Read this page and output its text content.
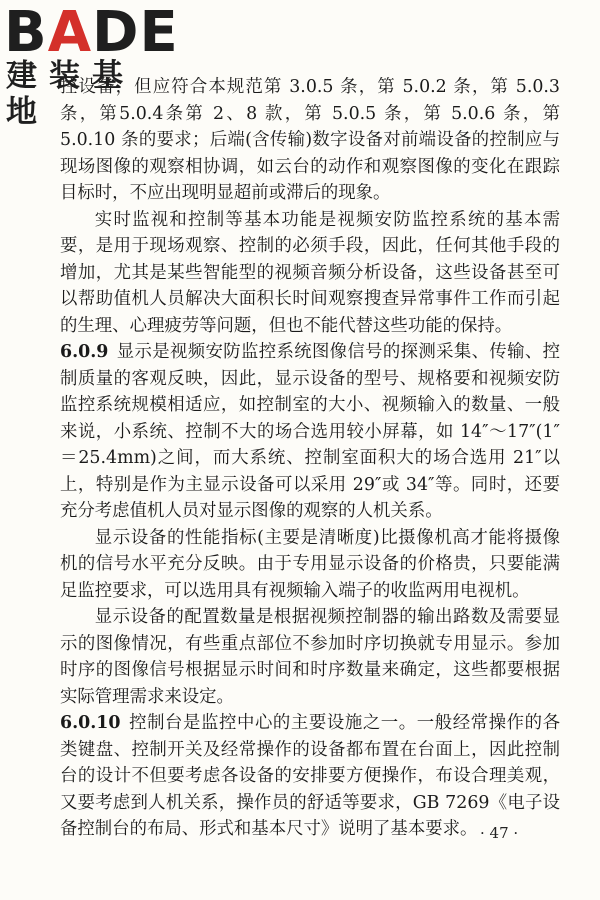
BADE
建装基地

控设备，但应符合本规范第 3.0.5 条，第 5.0.2 条，第 5.0.3 条，第5.0.4条第 2、8 款，第 5.0.5 条，第 5.0.6 条，第 5.0.10 条的要求；后端(含传输)数字设备对前端设备的控制应与现场图像的观察相协调，如云台的动作和观察图像的变化在跟踪目标时，不应出现明显超前或滞后的现象。

实时监视和控制等基本功能是视频安防监控系统的基本需要，是用于现场观察、控制的必须手段，因此，任何其他手段的增加，尤其是某些智能型的视频音频分析设备，这些设备甚至可以帮助值机人员解决大面积长时间观察搜查异常事件工作而引起的生理、心理疲劳等问题，但也不能代替这些功能的保持。

6.0.9 显示是视频安防监控系统图像信号的探测采集、传输、控制质量的客观反映，因此，显示设备的型号、规格要和视频安防监控系统规模相适应，如控制室的大小、视频输入的数量、一般来说，小系统、控制不大的场合选用较小屏幕，如 14″～17″(1″＝25.4mm)之间，而大系统、控制室面积大的场合选用 21″以上，特别是作为主显示设备可以采用 29″或 34″等。同时，还要充分考虑值机人员对显示图像的观察的人机关系。

显示设备的性能指标(主要是清晰度)比摄像机高才能将摄像机的信号水平充分反映。由于专用显示设备的价格贵，只要能满足监控要求，可以选用具有视频输入端子的收监两用电视机。

显示设备的配置数量是根据视频控制器的输出路数及需要显示的图像情况，有些重点部位不参加时序切换就专用显示。参加时序的图像信号根据显示时间和时序数量来确定，这些都要根据实际管理需求来设定。

6.0.10 控制台是监控中心的主要设施之一。一般经常操作的各类键盘、控制开关及经常操作的设备都布置在台面上，因此控制台的设计不但要考虑各设备的安排要方便操作，布设合理美观，又要考虑到人机关系，操作员的舒适等要求，GB 7269《电子设备控制台的布局、形式和基本尺寸》说明了基本要求。 · 47 ·
